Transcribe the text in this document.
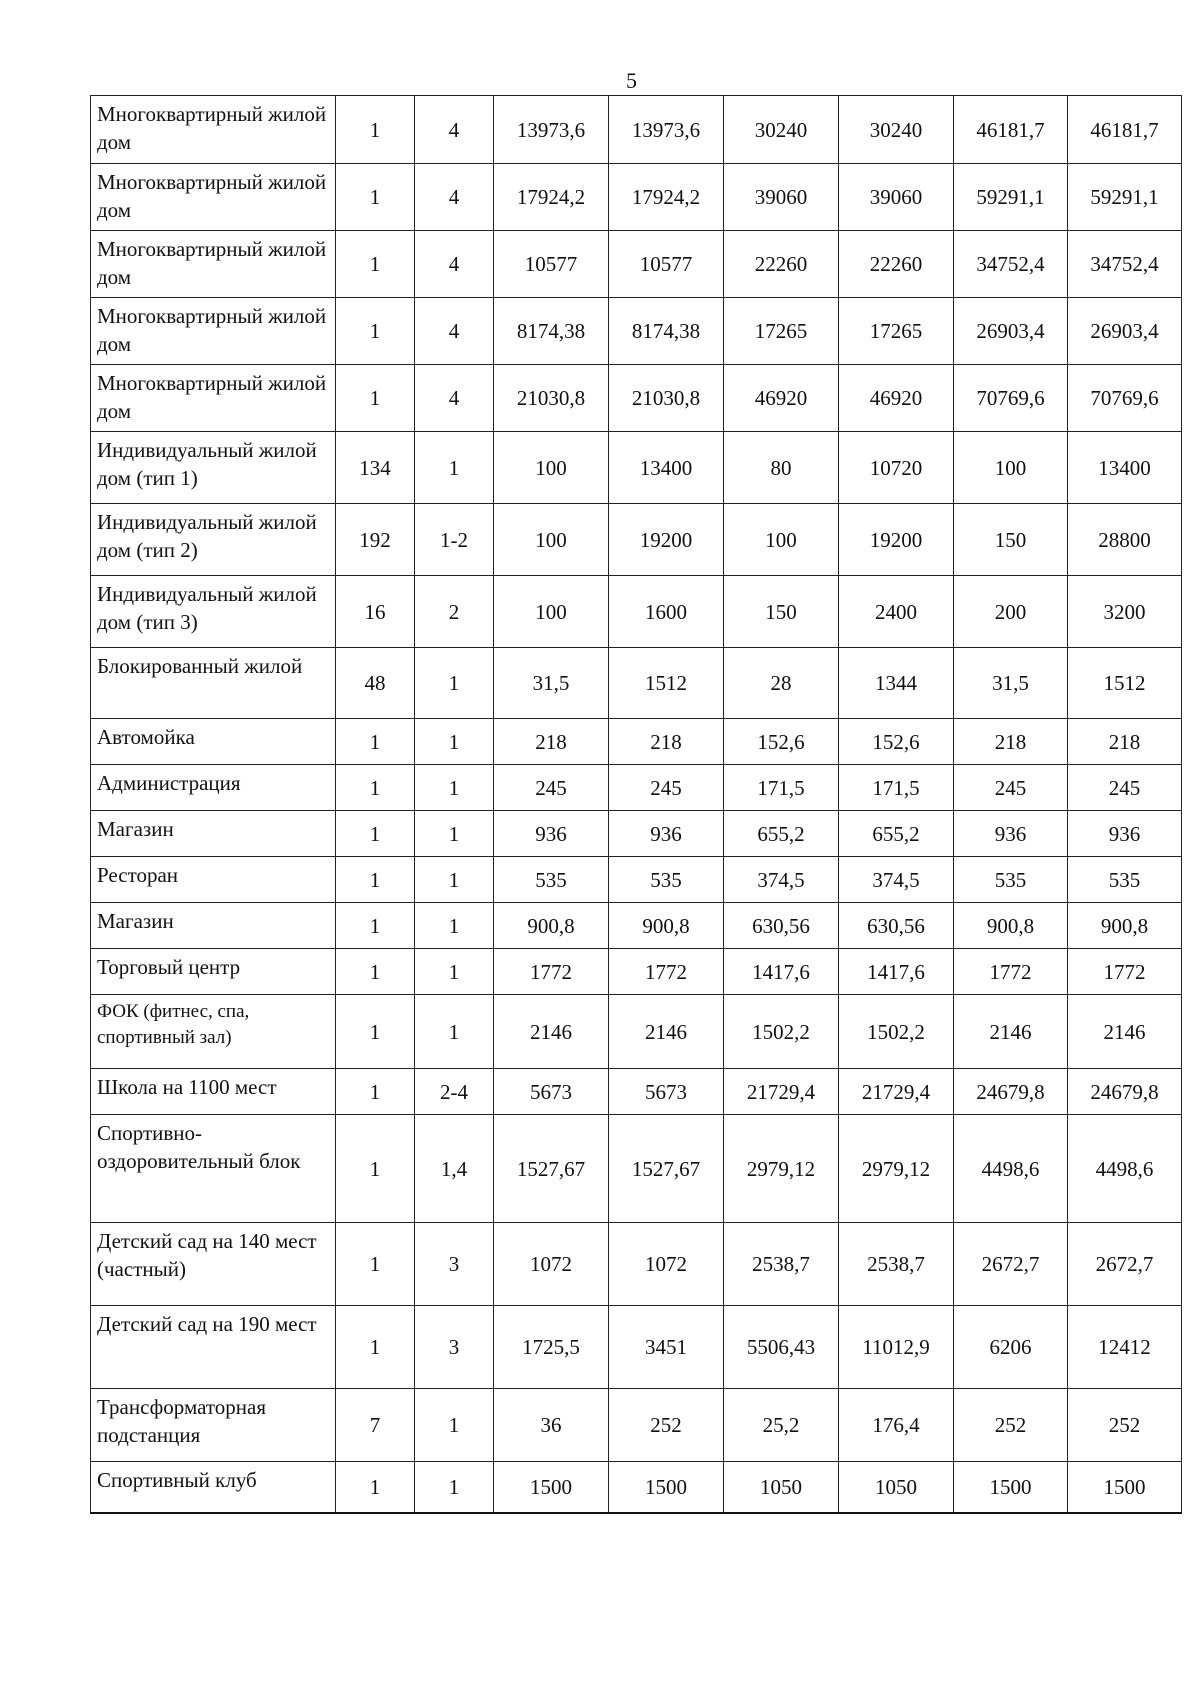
5
Многоквартирный жилой дом	1	4	13973,6	13973,6	30240	30240	46181,7	46181,7
Многоквартирный жилой дом	1	4	17924,2	17924,2	39060	39060	59291,1	59291,1
Многоквартирный жилой дом	1	4	10577	10577	22260	22260	34752,4	34752,4
Многоквартирный жилой дом	1	4	8174,38	8174,38	17265	17265	26903,4	26903,4
Многоквартирный жилой дом	1	4	21030,8	21030,8	46920	46920	70769,6	70769,6
Индивидуальный жилой дом (тип 1)	134	1	100	13400	80	10720	100	13400
Индивидуальный жилой дом (тип 2)	192	1-2	100	19200	100	19200	150	28800
Индивидуальный жилой дом (тип 3)	16	2	100	1600	150	2400	200	3200
Блокированный жилой	48	1	31,5	1512	28	1344	31,5	1512
Автомойка	1	1	218	218	152,6	152,6	218	218
Администрация	1	1	245	245	171,5	171,5	245	245
Магазин	1	1	936	936	655,2	655,2	936	936
Ресторан	1	1	535	535	374,5	374,5	535	535
Магазин	1	1	900,8	900,8	630,56	630,56	900,8	900,8
Торговый центр	1	1	1772	1772	1417,6	1417,6	1772	1772
ФОК (фитнес, спа, спортивный зал)	1	1	2146	2146	1502,2	1502,2	2146	2146
Школа на 1100 мест	1	2-4	5673	5673	21729,4	21729,4	24679,8	24679,8
Спортивно-оздоровительный блок	1	1,4	1527,67	1527,67	2979,12	2979,12	4498,6	4498,6
Детский сад на 140 мест (частный)	1	3	1072	1072	2538,7	2538,7	2672,7	2672,7
Детский сад на 190 мест	1	3	1725,5	3451	5506,43	11012,9	6206	12412
Трансформаторная подстанция	7	1	36	252	25,2	176,4	252	252
Спортивный клуб	1	1	1500	1500	1050	1050	1500	1500
